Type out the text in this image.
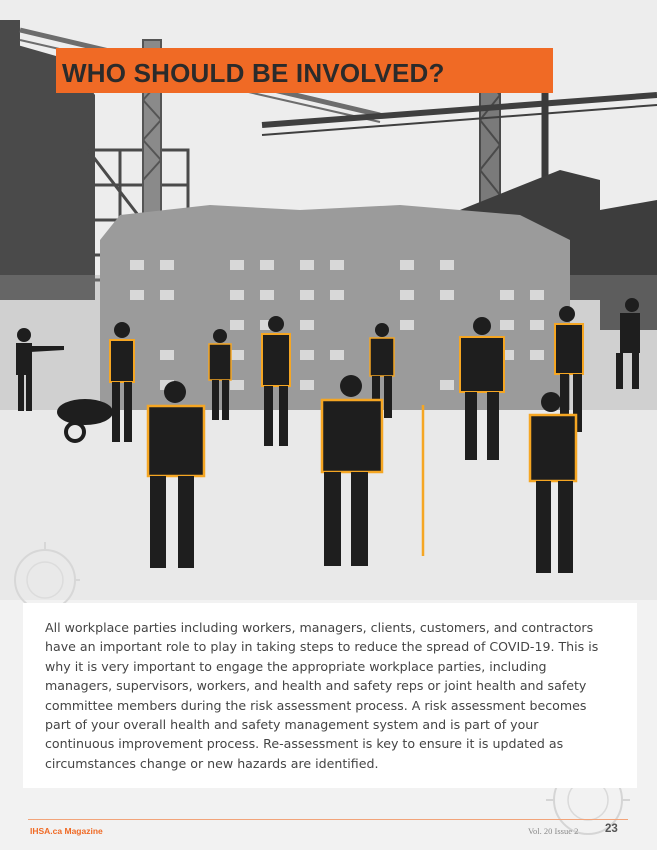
WHO SHOULD BE INVOLVED?

All workplace parties including workers, managers, clients, customers, and contractors have an important role to play in taking steps to reduce the spread of COVID-19. This is why it is very important to engage the appropriate workplace parties, including managers, supervisors, workers, and health and safety reps or joint health and safety committee members during the risk assessment process. A risk assessment becomes part of your overall health and safety management system and is part of your continuous improvement process. Re-assessment is key to ensure it is updated as circumstances change or new hazards are identified.

IHSA.ca Magazine	Vol. 20 Issue 2 23
